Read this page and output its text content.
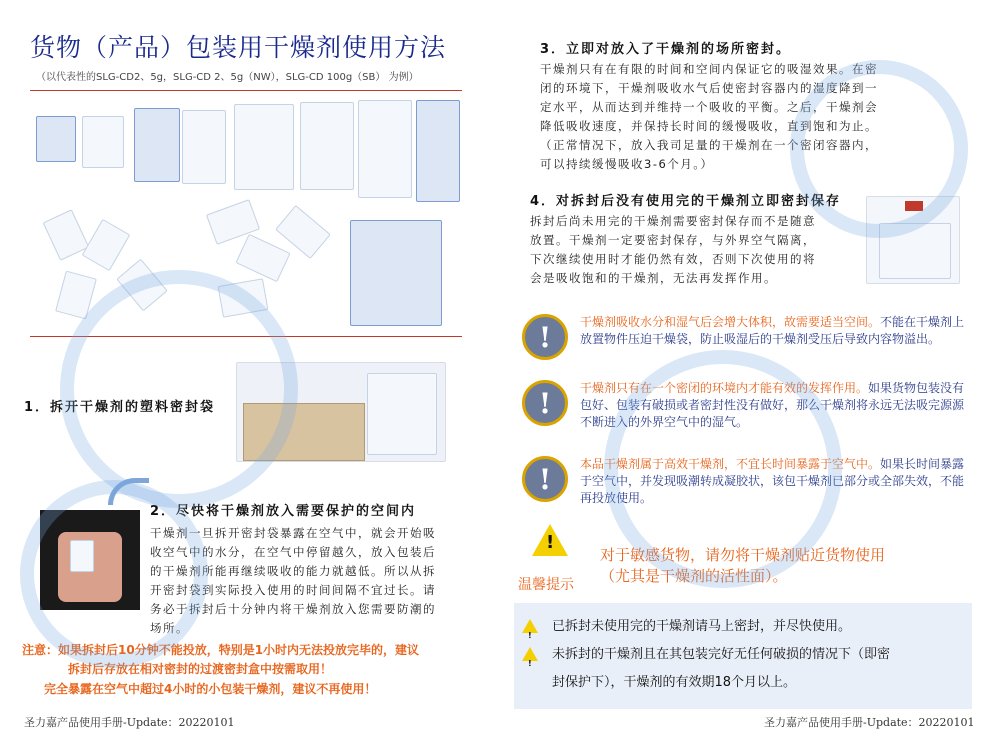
货物（产品）包装用干燥剂使用方法
（以代表性的SLG-CD2、5g，SLG-CD 2、5g（NW），SLG-CD 100g（SB） 为例）
1．拆开干燥剂的塑料密封袋
2．尽快将干燥剂放入需要保护的空间内
干燥剂一旦拆开密封袋暴露在空气中，就会开始吸
收空气中的水分，在空气中停留越久，放入包装后
的干燥剂所能再继续吸收的能力就越低。所以从拆
开密封袋到实际投入使用的时间间隔不宜过长。请
务必于拆封后十分钟内将干燥剂放入您需要防潮的
场所。
注意：如果拆封后10分钟不能投放，特别是1小时内无法投放完毕的，建议
拆封后存放在相对密封的过渡密封盒中按需取用！
完全暴露在空气中超过4小时的小包装干燥剂，建议不再使用！
圣力嘉产品使用手册-Update：20220101
3．立即对放入了干燥剂的场所密封。
干燥剂只有在有限的时间和空间内保证它的吸湿效果。在密
闭的环境下，干燥剂吸收水气后使密封容器内的湿度降到一
定水平，从而达到并维持一个吸收的平衡。之后，干燥剂会
降低吸收速度，并保持长时间的缓慢吸收，直到饱和为止。
（正常情况下，放入我司足量的干燥剂在一个密闭容器内，
可以持续缓慢吸收3-6个月。）
4．对拆封后没有使用完的干燥剂立即密封保存
拆封后尚未用完的干燥剂需要密封保存而不是随意
放置。干燥剂一定要密封保存，与外界空气隔离，
下次继续使用时才能仍然有效，否则下次使用的将
会是吸收饱和的干燥剂，无法再发挥作用。
!	干燥剂吸收水分和湿气后会增大体积，故需要适当空间。不能在干燥剂上放置物件压迫干燥袋，防止吸湿后的干燥剂受压后导致内容物溢出。
!	干燥剂只有在一个密闭的环境内才能有效的发挥作用。如果货物包装没有包好、包装有破损或者密封性没有做好，那么干燥剂将永远无法吸完源源不断进入的外界空气中的湿气。
!	本品干燥剂属于高效干燥剂，不宜长时间暴露于空气中。如果长时间暴露于空气中，并发现吸潮转成凝胶状，该包干燥剂已部分或全部失效，不能再投放使用。
!
温馨提示
对于敏感货物，请勿将干燥剂贴近货物使用
（尤其是干燥剂的活性面）。
!
已拆封未使用完的干燥剂请马上密封，并尽快使用。
!
未拆封的干燥剂且在其包装完好无任何破损的情况下（即密
封保护下），干燥剂的有效期18个月以上。
圣力嘉产品使用手册-Update：20220101
